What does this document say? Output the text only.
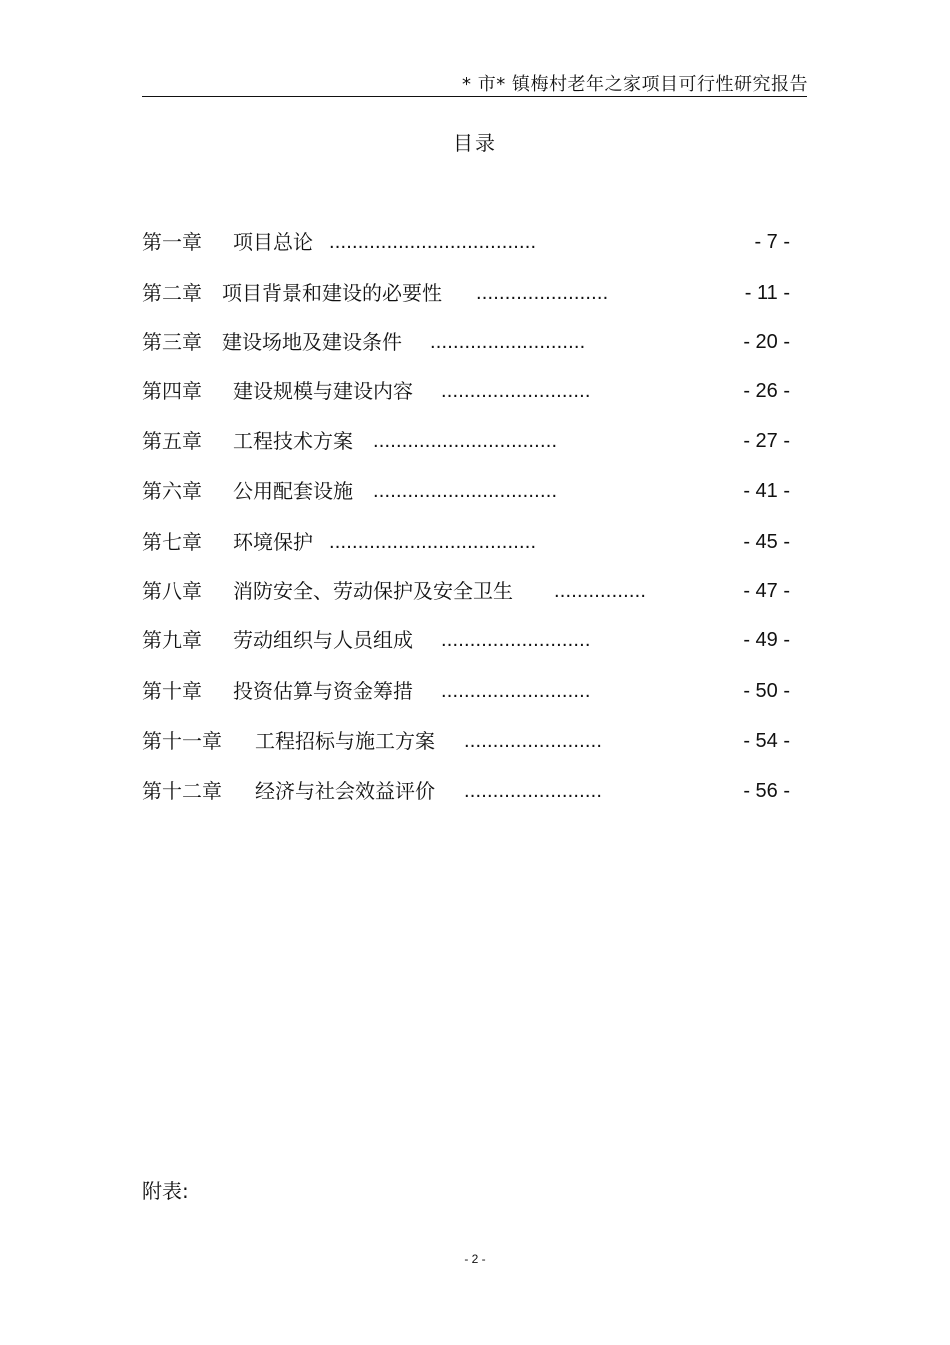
* 市* 镇梅村老年之家项目可行性研究报告
目录
第一章 项目总论 ....................................	- 7 -
第二章 项目背景和建设的必要性 .......................	- 11 -
第三章 建设场地及建设条件 ...........................	- 20 -
第四章 建设规模与建设内容 ..........................	- 26 -
第五章 工程技术方案 ................................	- 27 -
第六章 公用配套设施 ................................	- 41 -
第七章 环境保护 ....................................	- 45 -
第八章 消防安全、劳动保护及安全卫生 ................	- 47 -
第九章 劳动组织与人员组成 ..........................	- 49 -
第十章 投资估算与资金筹措 ..........................	- 50 -
第十一章 工程招标与施工方案 ........................	- 54 -
第十二章 经济与社会效益评价 ........................	- 56 -
附表:
- 2 -
